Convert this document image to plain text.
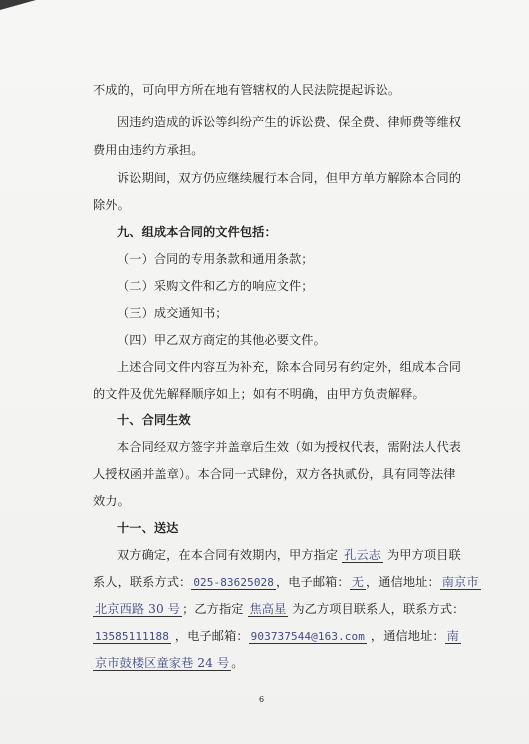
不成的，可向甲方所在地有管辖权的人民法院提起诉讼。
因违约造成的诉讼等纠纷产生的诉讼费、保全费、律师费等维权
费用由违约方承担。
诉讼期间，双方仍应继续履行本合同，但甲方单方解除本合同的
除外。
九、组成本合同的文件包括：
（一）合同的专用条款和通用条款；
（二）采购文件和乙方的响应文件；
（三）成交通知书；
（四）甲乙双方商定的其他必要文件。
上述合同文件内容互为补充，除本合同另有约定外，组成本合同
的文件及优先解释顺序如上；如有不明确，由甲方负责解释。
十、合同生效
本合同经双方签字并盖章后生效（如为授权代表，需附法人代表
人授权函并盖章）。本合同一式肆份，双方各执贰份，具有同等法律
效力。
十一、送达
双方确定，在本合同有效期内，甲方指定 孔云志 为甲方项目联
系人，联系方式： 025-83625028 ，电子邮箱： 无 ，通信地址： 南京市
北京西路 30 号 ；乙方指定 焦高星 为乙方项目联系人，联系方式：
13585111188 ，电子邮箱： 903737544@163.com ，通信地址： 南
京市鼓楼区童家巷 24 号 。
6
